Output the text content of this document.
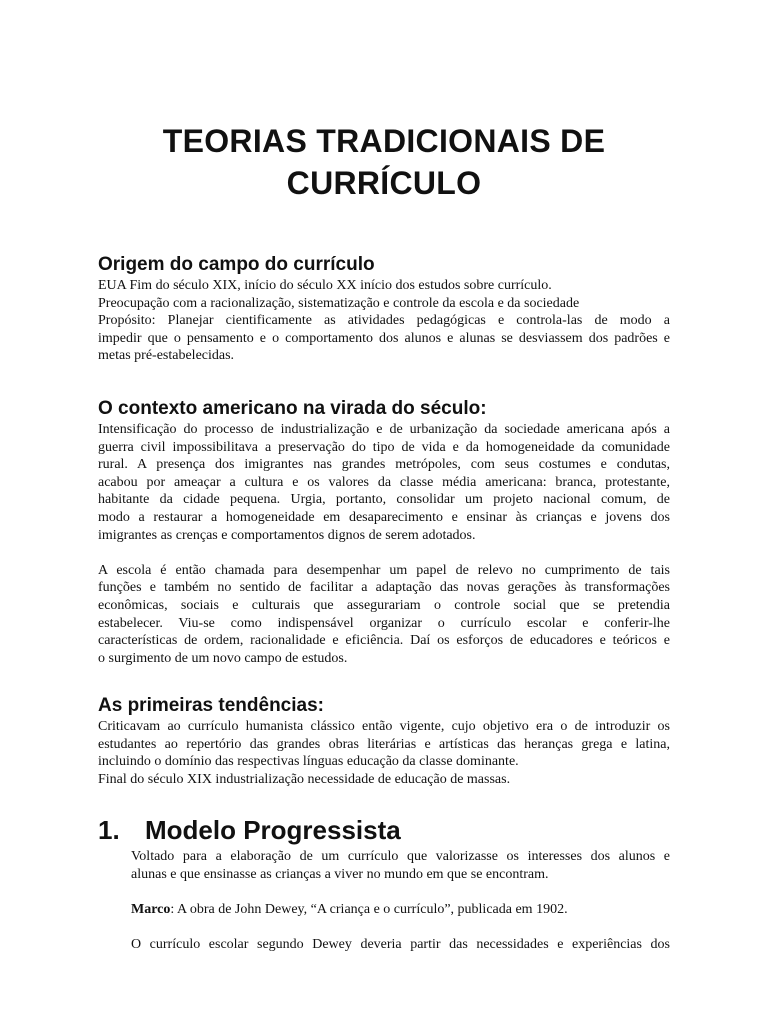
TEORIAS TRADICIONAIS DE
CURRÍCULO
Origem do campo do currículo
EUA Fim do século XIX, início do século XX início dos estudos sobre currículo.
Preocupação com a racionalização, sistematização e controle da escola e da sociedade
Propósito: Planejar cientificamente as atividades pedagógicas e controla-las de modo a
impedir que o pensamento e o comportamento dos alunos e alunas se desviassem dos padrões e
metas pré-estabelecidas.
O contexto americano na virada do século:
Intensificação do processo de industrialização e de urbanização da sociedade americana após a
guerra civil impossibilitava a preservação do tipo de vida e da homogeneidade da comunidade
rural. A presença dos imigrantes nas grandes metrópoles, com seus costumes e condutas,
acabou por ameaçar a cultura e os valores da classe média americana: branca, protestante,
habitante da cidade pequena. Urgia, portanto, consolidar um projeto nacional comum, de
modo a restaurar a homogeneidade em desaparecimento e ensinar às crianças e jovens dos
imigrantes as crenças e comportamentos dignos de serem adotados.
A escola é então chamada para desempenhar um papel de relevo no cumprimento de tais
funções e também no sentido de facilitar a adaptação das novas gerações às transformações
econômicas, sociais e culturais que assegurariam o controle social que se pretendia
estabelecer. Viu-se como indispensável organizar o currículo escolar e conferir-lhe
características de ordem, racionalidade e eficiência. Daí os esforços de educadores e teóricos e
o surgimento de um novo campo de estudos.
As primeiras tendências:
Criticavam ao currículo humanista clássico então vigente, cujo objetivo era o de introduzir os
estudantes ao repertório das grandes obras literárias e artísticas das heranças grega e latina,
incluindo o domínio das respectivas línguas educação da classe dominante.
Final do século XIX industrialização necessidade de educação de massas.
1. Modelo Progressista
Voltado para a elaboração de um currículo que valorizasse os interesses dos alunos e
alunas e que ensinasse as crianças a viver no mundo em que se encontram.
Marco: A obra de John Dewey, “A criança e o currículo”, publicada em 1902.
O currículo escolar segundo Dewey deveria partir das necessidades e experiências dos
